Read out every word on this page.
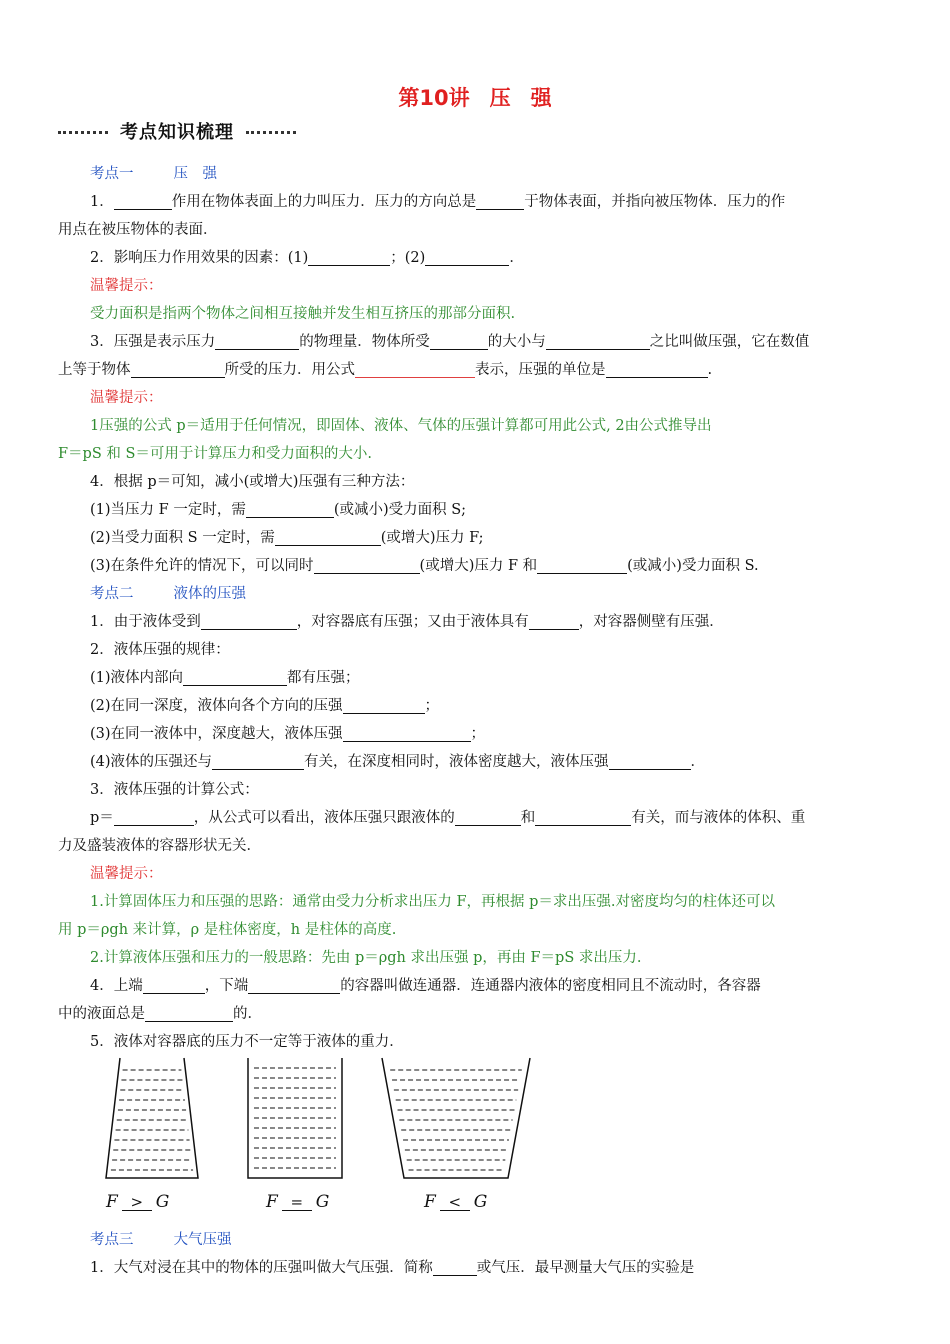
第10讲 压 强
考点知识梳理
考点一	压　强
1．	作用在物体表面上的力叫压力．压力的方向总是	于物体表面，并指向被压物体．压力的作
用点在被压物体的表面．
2．影响压力作用效果的因素：(1)	；(2)	．
温馨提示：
受力面积是指两个物体之间相互接触并发生相互挤压的那部分面积.
3．压强是表示压力	的物理量．物体所受	的大小与	之比叫做压强，它在数值
上等于物体	所受的压力．用公式	表示，压强的单位是	.
温馨提示：
1压强的公式 p＝适用于任何情况，即固体、液体、气体的压强计算都可用此公式, 2由公式推导出
F＝pS 和 S＝可用于计算压力和受力面积的大小.
4．根据 p＝可知，减小(或增大)压强有三种方法：
(1)当压力 F 一定时，需	(或减小)受力面积 S;
(2)当受力面积 S 一定时，需	(或增大)压力 F;
(3)在条件允许的情况下，可以同时	(或增大)压力 F 和	(或减小)受力面积 S.
考点二	液体的压强
1．由于液体受到	，对容器底有压强；又由于液体具有	，对容器侧壁有压强．
2．液体压强的规律：
(1)液体内部向	都有压强；
(2)在同一深度，液体向各个方向的压强	；
(3)在同一液体中，深度越大，液体压强	；
(4)液体的压强还与	有关，在深度相同时，液体密度越大，液体压强	．
3．液体压强的计算公式：
p＝	，从公式可以看出，液体压强只跟液体的	和	有关，而与液体的体积、重
力及盛装液体的容器形状无关．
温馨提示：
1.计算固体压力和压强的思路：通常由受力分析求出压力 F，再根据 p＝求出压强.对密度均匀的柱体还可以
用 p＝ρgh 来计算，ρ 是柱体密度，h 是柱体的高度.
2.计算液体压强和压力的一般思路：先由 p＝ρgh 求出压强 p，再由 F＝pS 求出压力.
4．上端	，下端	的容器叫做连通器．连通器内液体的密度相同且不流动时，各容器
中的液面总是	的．
5．液体对容器底的压力不一定等于液体的重力．
F > G	F = G	F < G
考点三	大气压强
1．大气对浸在其中的物体的压强叫做大气压强．简称	或气压．最早测量大气压的实验是
